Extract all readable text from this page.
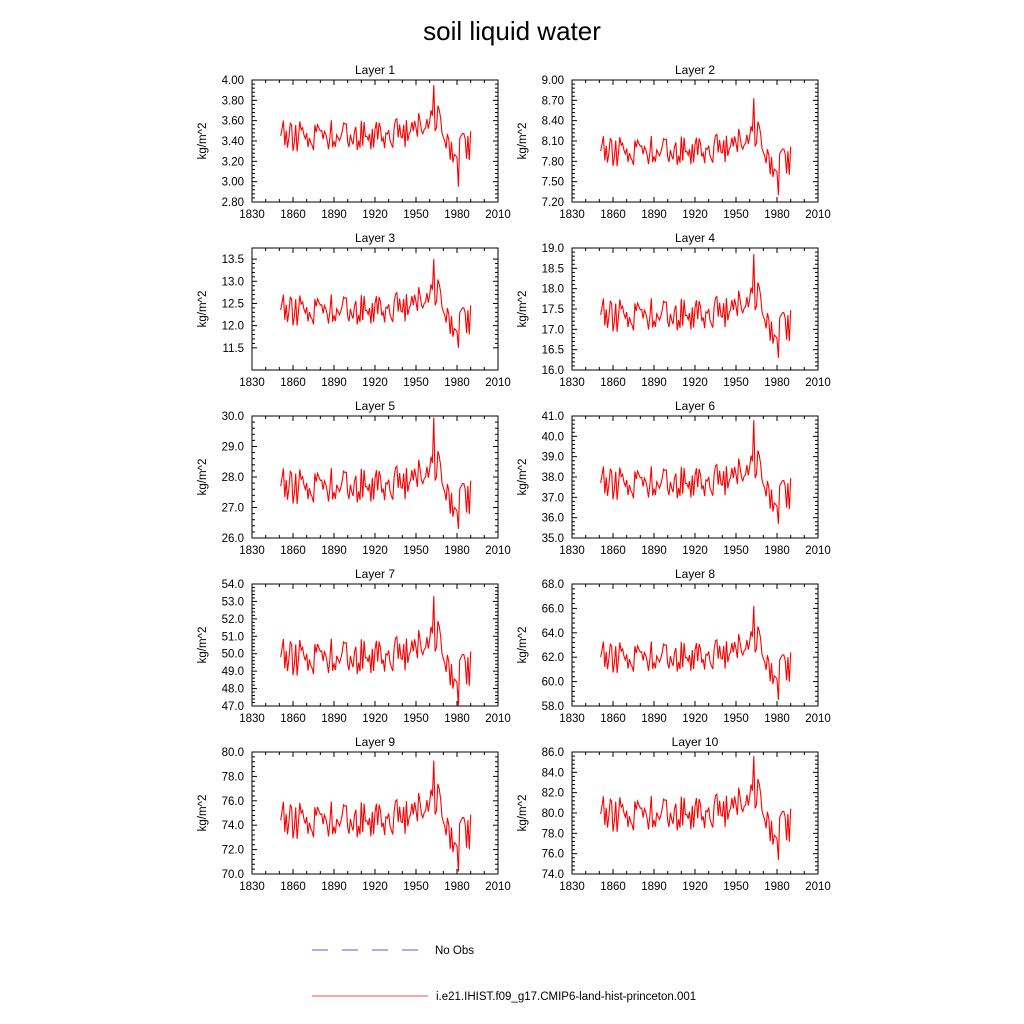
soil liquid water
Layer 1
1830 1860 1890 1920 1950 1980 2010
2.80
3.00
3.20
3.40
3.60
3.80
4.00
kg/m^2
Layer 2
1830 1860 1890 1920 1950 1980 2010
7.20
7.50
7.80
8.10
8.40
8.70
9.00
kg/m^2
Layer 3
1830 1860 1890 1920 1950 1980 2010
11.5
12.0
12.5
13.0
13.5
kg/m^2
Layer 4
1830 1860 1890 1920 1950 1980 2010
16.0
16.5
17.0
17.5
18.0
18.5
19.0
kg/m^2
Layer 5
1830 1860 1890 1920 1950 1980 2010
26.0
27.0
28.0
29.0
30.0
kg/m^2
Layer 6
1830 1860 1890 1920 1950 1980 2010
35.0
36.0
37.0
38.0
39.0
40.0
41.0
kg/m^2
Layer 7
1830 1860 1890 1920 1950 1980 2010
47.0
48.0
49.0
50.0
51.0
52.0
53.0
54.0
kg/m^2
Layer 8
1830 1860 1890 1920 1950 1980 2010
58.0
60.0
62.0
64.0
66.0
68.0
kg/m^2
Layer 9
1830 1860 1890 1920 1950 1980 2010
70.0
72.0
74.0
76.0
78.0
80.0
kg/m^2
Layer 10
1830 1860 1890 1920 1950 1980 2010
74.0
76.0
78.0
80.0
82.0
84.0
86.0
kg/m^2
No Obs
i.e21.IHIST.f09_g17.CMIP6-land-hist-princeton.001
